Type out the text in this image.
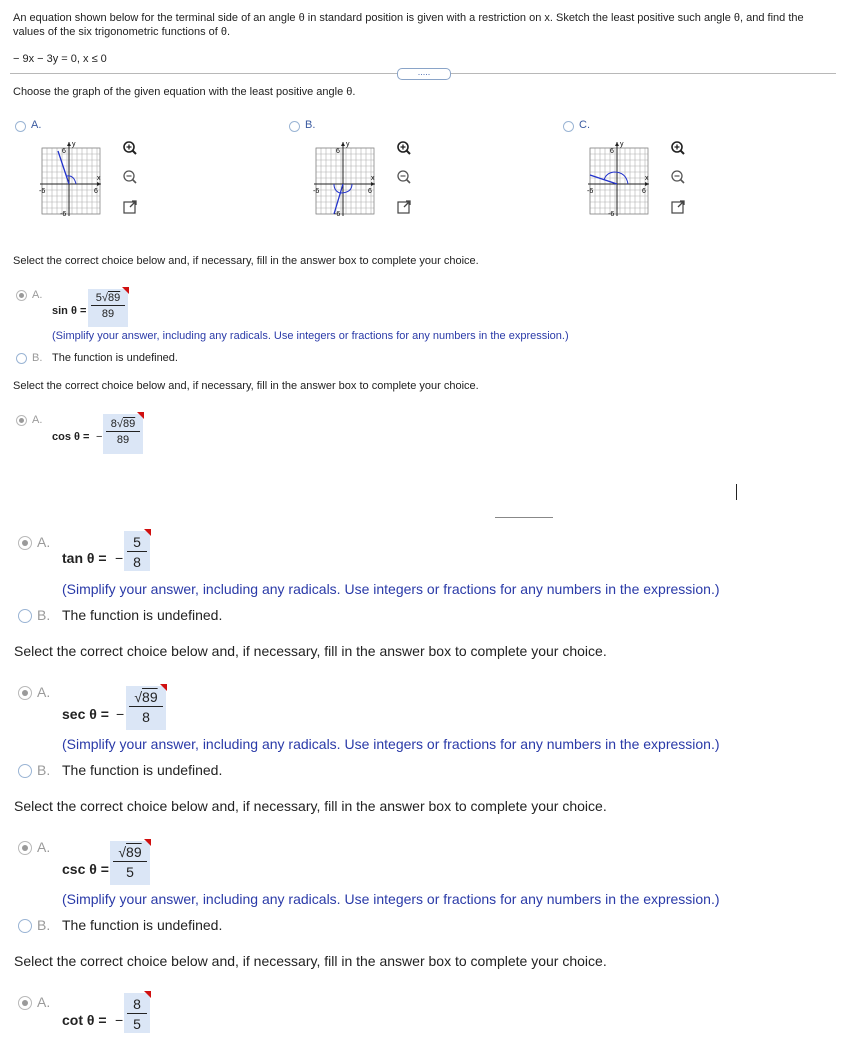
An equation shown below for the terminal side of an angle θ in standard position is given with a restriction on x. Sketch the least positive such angle θ, and find the
values of the six trigonometric functions of θ.
− 9x − 3y = 0, x ≤ 0
.....
Choose the graph of the given equation with the least positive angle θ.
A.	B.	C.
y
x
6
-6	6
-6
y
x
6
-6	6
-6
y
x
6
-6	6
-6
Select the correct choice below and, if necessary, fill in the answer box to complete your choice.
A.
sin θ =
5√89
89
(Simplify your answer, including any radicals. Use integers or fractions for any numbers in the expression.)
B. The function is undefined.
Select the correct choice below and, if necessary, fill in the answer box to complete your choice.
A.
cos θ = −
8√89
89
A.
tan θ = −
5
8
(Simplify your answer, including any radicals. Use integers or fractions for any numbers in the expression.)
B. The function is undefined.
Select the correct choice below and, if necessary, fill in the answer box to complete your choice.
A.
sec θ = −
√89
8
(Simplify your answer, including any radicals. Use integers or fractions for any numbers in the expression.)
B. The function is undefined.
Select the correct choice below and, if necessary, fill in the answer box to complete your choice.
A.
csc θ =
√89
5
(Simplify your answer, including any radicals. Use integers or fractions for any numbers in the expression.)
B. The function is undefined.
Select the correct choice below and, if necessary, fill in the answer box to complete your choice.
A.
cot θ = −
8
5
